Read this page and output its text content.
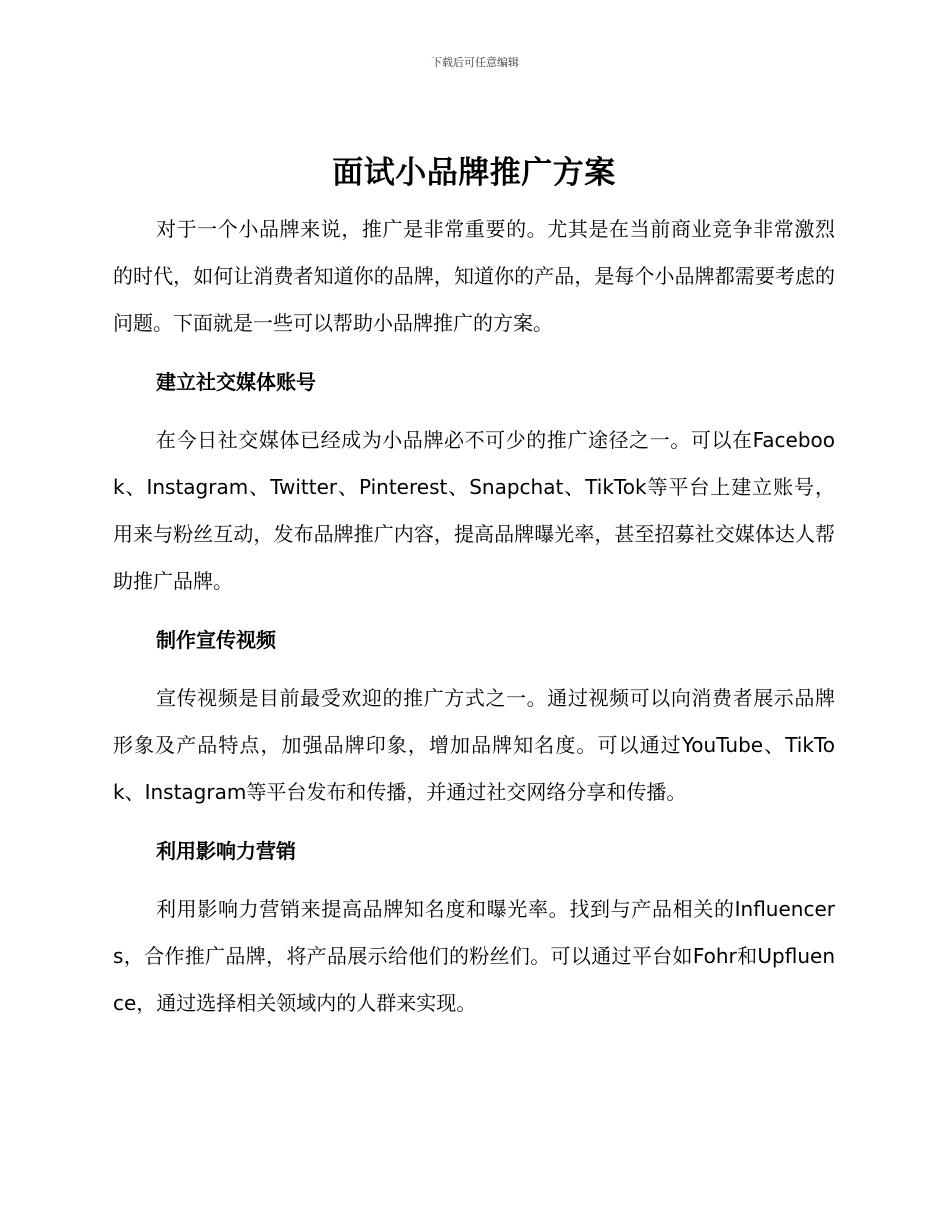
下载后可任意编辑
面试小品牌推广方案

对于一个小品牌来说，推广是非常重要的。尤其是在当前商业竞争非常激烈的时代，如何让消费者知道你的品牌，知道你的产品，是每个小品牌都需要考虑的问题。下面就是一些可以帮助小品牌推广的方案。

建立社交媒体账号

在今日社交媒体已经成为小品牌必不可少的推广途径之一。可以在Facebook、Instagram、Twitter、Pinterest、Snapchat、TikTok等平台上建立账号，用来与粉丝互动，发布品牌推广内容，提高品牌曝光率，甚至招募社交媒体达人帮助推广品牌。

制作宣传视频

宣传视频是目前最受欢迎的推广方式之一。通过视频可以向消费者展示品牌形象及产品特点，加强品牌印象，增加品牌知名度。可以通过YouTube、TikTok、Instagram等平台发布和传播，并通过社交网络分享和传播。

利用影响力营销

利用影响力营销来提高品牌知名度和曝光率。找到与产品相关的Influencers，合作推广品牌，将产品展示给他们的粉丝们。可以通过平台如Fohr和Upfluence，通过选择相关领域内的人群来实现。
